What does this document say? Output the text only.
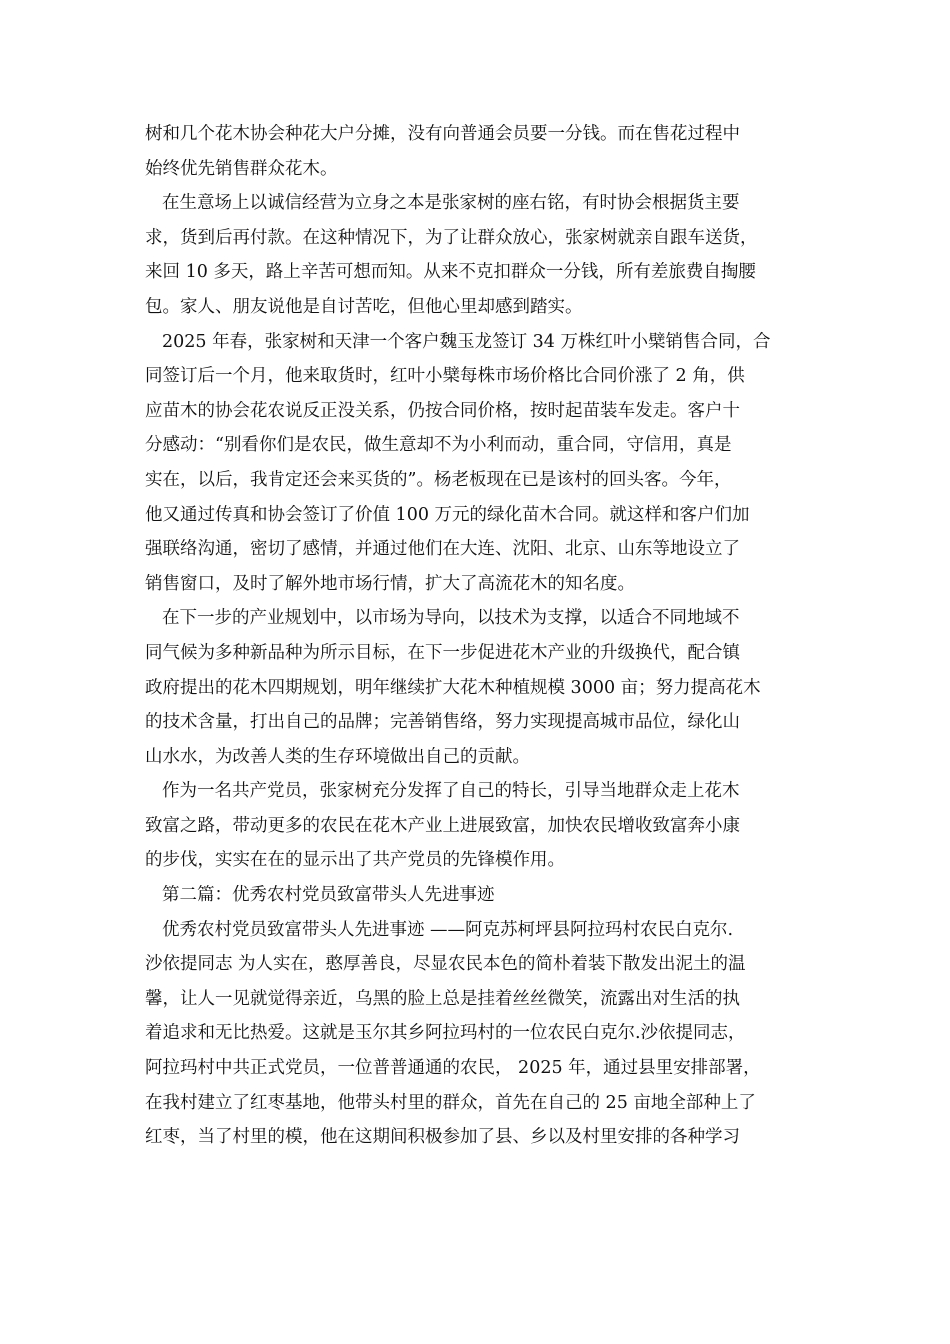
树和几个花木协会种花大户分摊，没有向普通会员要一分钱。而在售花过程中
始终优先销售群众花木。
在生意场上以诚信经营为立身之本是张家树的座右铭，有时协会根据货主要
求，货到后再付款。在这种情况下，为了让群众放心，张家树就亲自跟车送货，
来回 10 多天，路上辛苦可想而知。从来不克扣群众一分钱，所有差旅费自掏腰
包。家人、朋友说他是自讨苦吃，但他心里却感到踏实。
2025 年春，张家树和天津一个客户魏玉龙签订 34 万株红叶小檗销售合同，合
同签订后一个月，他来取货时，红叶小檗每株市场价格比合同价涨了 2 角，供
应苗木的协会花农说反正没关系，仍按合同价格，按时起苗装车发走。客户十
分感动：“别看你们是农民，做生意却不为小利而动，重合同，守信用，真是
实在，以后，我肯定还会来买货的”。杨老板现在已是该村的回头客。今年，
他又通过传真和协会签订了价值 100 万元的绿化苗木合同。就这样和客户们加
强联络沟通，密切了感情，并通过他们在大连、沈阳、北京、山东等地设立了
销售窗口，及时了解外地市场行情，扩大了高流花木的知名度。
在下一步的产业规划中，以市场为导向，以技术为支撑，以适合不同地域不
同气候为多种新品种为所示目标，在下一步促进花木产业的升级换代，配合镇
政府提出的花木四期规划，明年继续扩大花木种植规模 3000 亩；努力提高花木
的技术含量，打出自己的品牌；完善销售络，努力实现提高城市品位，绿化山
山水水，为改善人类的生存环境做出自己的贡献。
作为一名共产党员，张家树充分发挥了自己的特长，引导当地群众走上花木
致富之路，带动更多的农民在花木产业上进展致富，加快农民增收致富奔小康
的步伐，实实在在的显示出了共产党员的先锋模作用。
第二篇：优秀农村党员致富带头人先进事迹
优秀农村党员致富带头人先进事迹 ——阿克苏柯坪县阿拉玛村农民白克尔.
沙依提同志 为人实在，憨厚善良，尽显农民本色的简朴着装下散发出泥土的温
馨，让人一见就觉得亲近，乌黑的脸上总是挂着丝丝微笑，流露出对生活的执
着追求和无比热爱。这就是玉尔其乡阿拉玛村的一位农民白克尔.沙依提同志，
阿拉玛村中共正式党员，一位普普通通的农民， 2025 年，通过县里安排部署，
在我村建立了红枣基地，他带头村里的群众，首先在自己的 25 亩地全部种上了
红枣，当了村里的模，他在这期间积极参加了县、乡以及村里安排的各种学习
